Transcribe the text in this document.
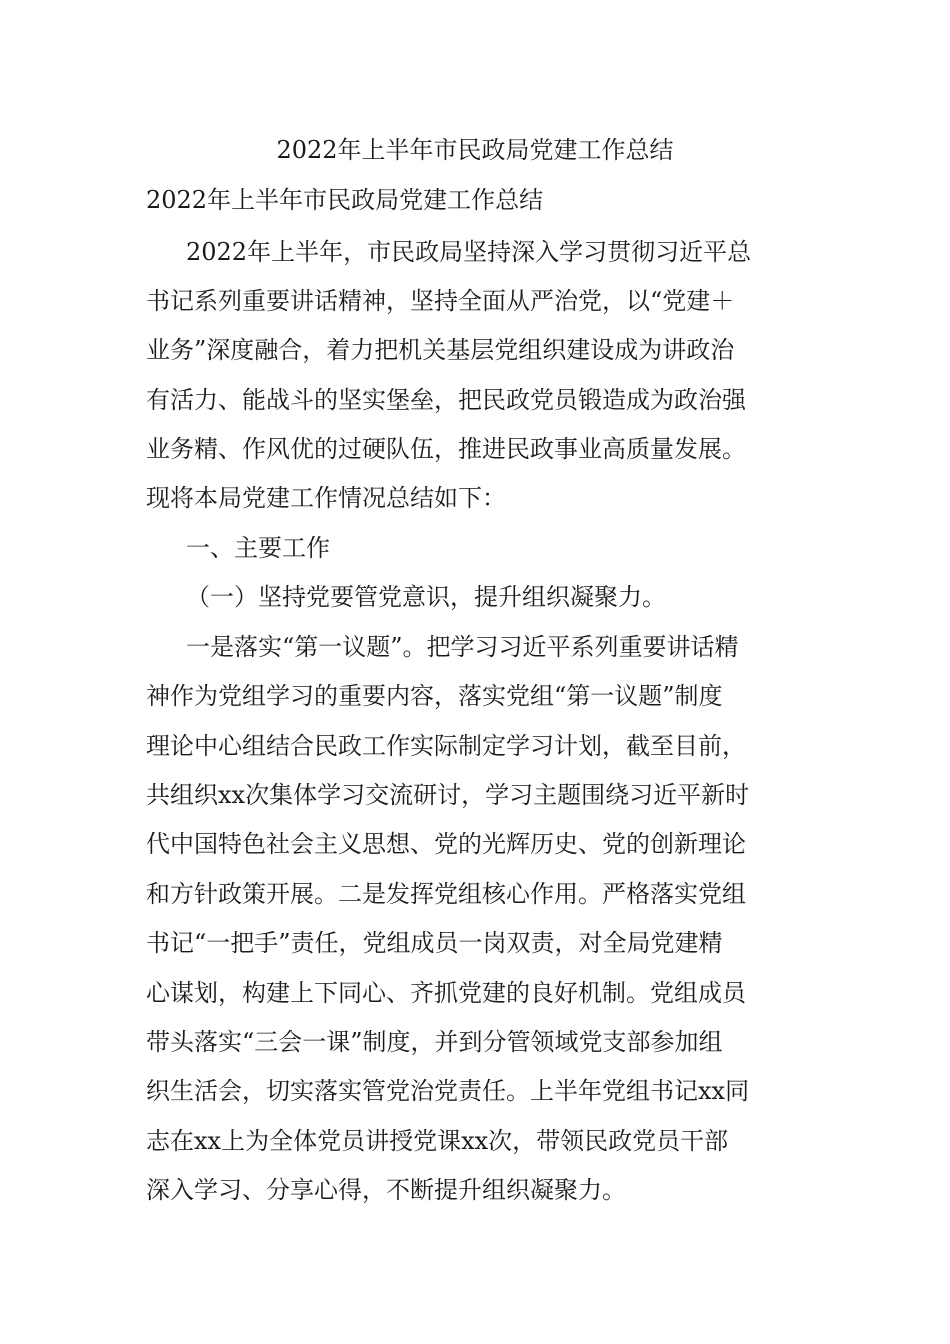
2022年上半年市民政局党建工作总结

2022年上半年市民政局党建工作总结

2022年上半年，市民政局坚持深入学习贯彻习近平总

书记系列重要讲话精神，坚持全面从严治党，以“党建＋

业务”深度融合，着力把机关基层党组织建设成为讲政治

有活力、能战斗的坚实堡垒，把民政党员锻造成为政治强

业务精、作风优的过硬队伍，推进民政事业高质量发展。

现将本局党建工作情况总结如下：

一、主要工作

（一）坚持党要管党意识，提升组织凝聚力。

一是落实“第一议题”。把学习习近平系列重要讲话精

神作为党组学习的重要内容，落实党组“第一议题”制度

理论中心组结合民政工作实际制定学习计划，截至目前，

共组织xx次集体学习交流研讨，学习主题围绕习近平新时

代中国特色社会主义思想、党的光辉历史、党的创新理论

和方针政策开展。二是发挥党组核心作用。严格落实党组

书记“一把手”责任，党组成员一岗双责，对全局党建精

心谋划，构建上下同心、齐抓党建的良好机制。党组成员

带头落实“三会一课”制度，并到分管领域党支部参加组

织生活会，切实落实管党治党责任。上半年党组书记xx同

志在xx上为全体党员讲授党课xx次，带领民政党员干部

深入学习、分享心得，不断提升组织凝聚力。
